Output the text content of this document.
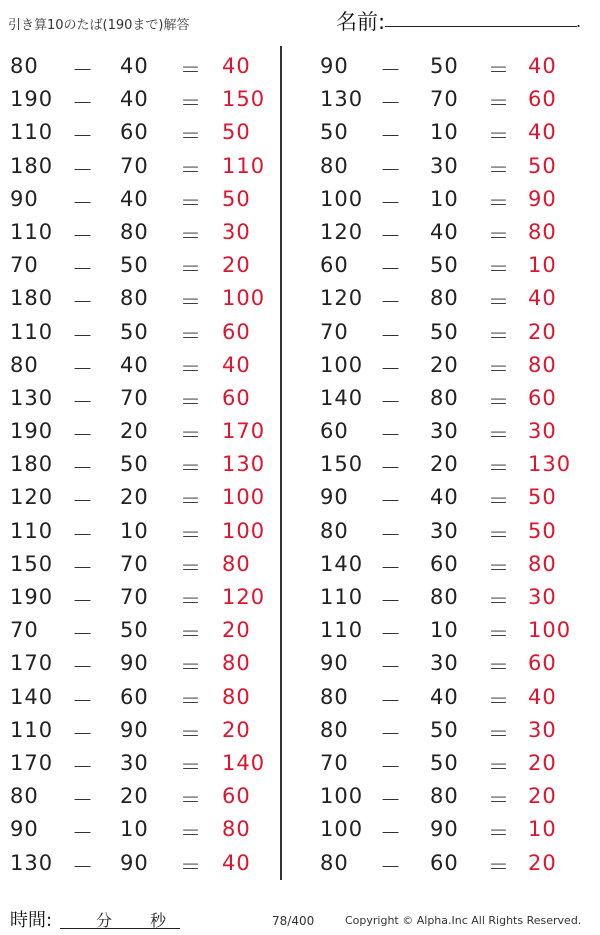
引き算10のたば(190まで)解答	名前:	.
80	－ 40	＝ 40
190 － 40	＝ 150
110 － 60	＝ 50
180 － 70	＝ 110
90	－ 40	＝ 50
110 － 80	＝ 30
70	－ 50	＝ 20
180 － 80	＝ 100
110 － 50	＝ 60
80	－ 40	＝ 40
130 － 70	＝ 60
190 － 20	＝ 170
180 － 50	＝ 130
120 － 20	＝ 100
110 － 10	＝ 100
150 － 70	＝ 80
190 － 70	＝ 120
70	－ 50	＝ 20
170 － 90	＝ 80
140 － 60	＝ 80
110 － 90	＝ 20
170 － 30	＝ 140
80	－ 20	＝ 60
90	－ 10	＝ 80
130 － 90	＝ 40
90	－ 50	＝ 40
130 － 70	＝ 60
50	－ 10	＝ 40
80	－ 30	＝ 50
100 － 10	＝ 90
120 － 40	＝ 80
60	－ 50	＝ 10
120 － 80	＝ 40
70	－ 50	＝ 20
100 － 20	＝ 80
140 － 80	＝ 60
60	－ 30	＝ 30
150 － 20	＝ 130
90	－ 40	＝ 50
80	－ 30	＝ 50
140 － 60	＝ 80
110 － 80	＝ 30
110 － 10	＝ 100
90	－ 30	＝ 60
80	－ 40	＝ 40
80	－ 50	＝ 30
70	－ 50	＝ 20
100 － 80	＝ 20
100 － 90	＝ 10
80	－ 60	＝ 20
時間:	分 秒	78/400	Copyright © Alpha.Inc All Rights Reserved.
